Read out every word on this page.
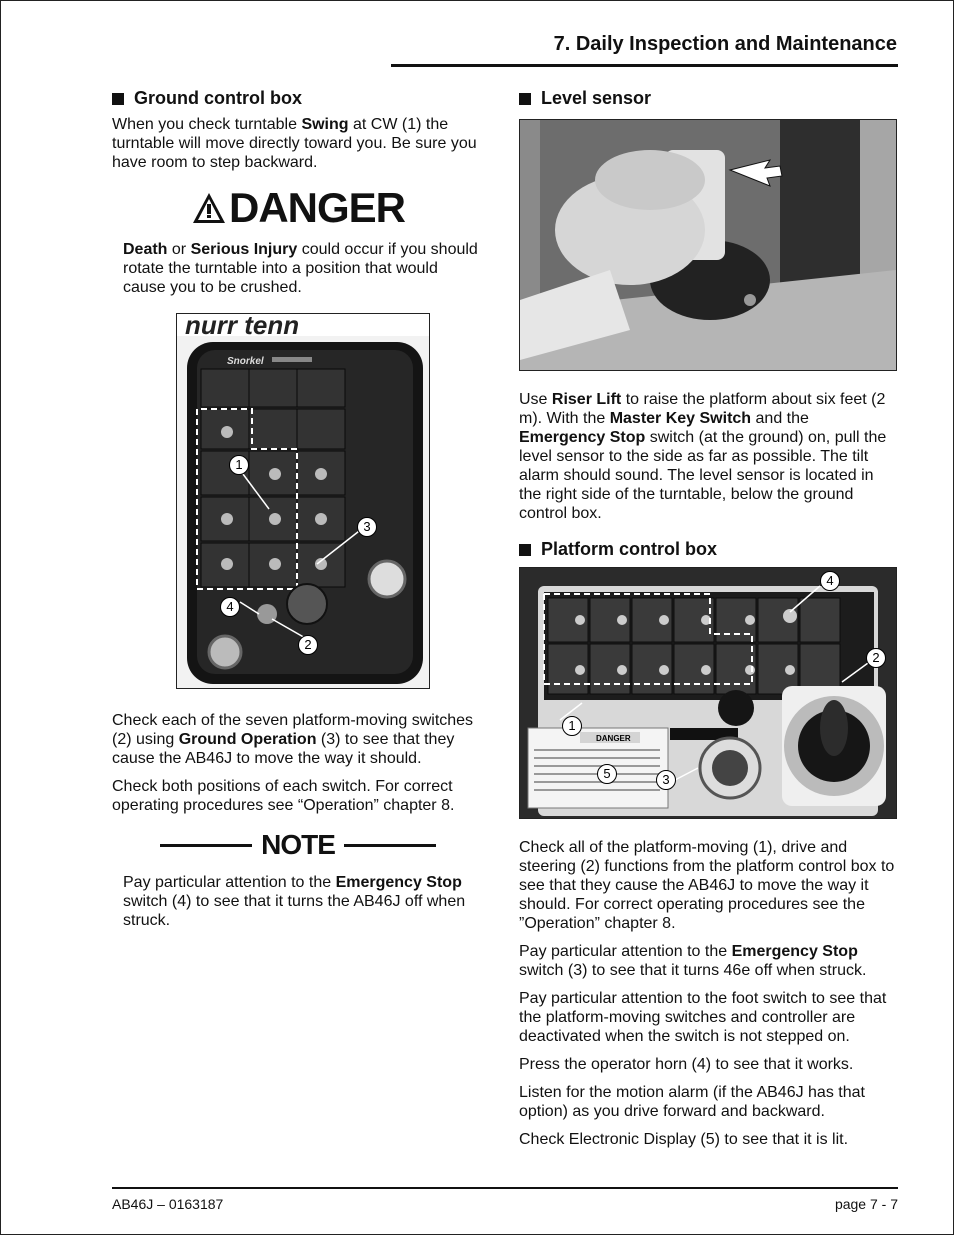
7. Daily Inspection and Maintenance
Ground control box

When you check turntable Swing at CW (1) the turntable will move directly toward you. Be sure you have room to step backward.

DANGER

Death or Serious Injury could occur if you should rotate the turntable into a position that would cause you to be crushed.

nurr tenn
Snorkel
1
2
3
4

Check each of the seven platform-moving switches (2) using Ground Operation (3) to see that they cause the AB46J to move the way it should.

Check both positions of each switch. For correct operating procedures see “Operation” chapter 8.

NOTE

Pay particular attention to the Emergency Stop switch (4) to see that it turns the AB46J off when struck.

Level sensor

Use Riser Lift to raise the platform about six feet (2 m). With the Master Key Switch and the Emergency Stop switch (at the ground) on, pull the level sensor to the side as far as possible. The tilt alarm should sound. The level sensor is located in the right side of the turntable, below the ground control box.

Platform control box
DANGER
1
2
3
4
5

Check all of the platform-moving (1), drive and steering (2) functions from the platform control box to see that they cause the AB46J to move the way it should. For correct operating procedures see the ”Operation” chapter 8.

Pay particular attention to the Emergency Stop switch (3) to see that it turns 46e off when struck.

Pay particular attention to the foot switch to see that the platform-moving switches and controller are deactivated when the switch is not stepped on.

Press the operator horn (4) to see that it works.

Listen for the motion alarm (if the AB46J has that option) as you drive forward and backward.

Check Electronic Display (5) to see that it is lit.

AB46J – 0163187	page 7 - 7
